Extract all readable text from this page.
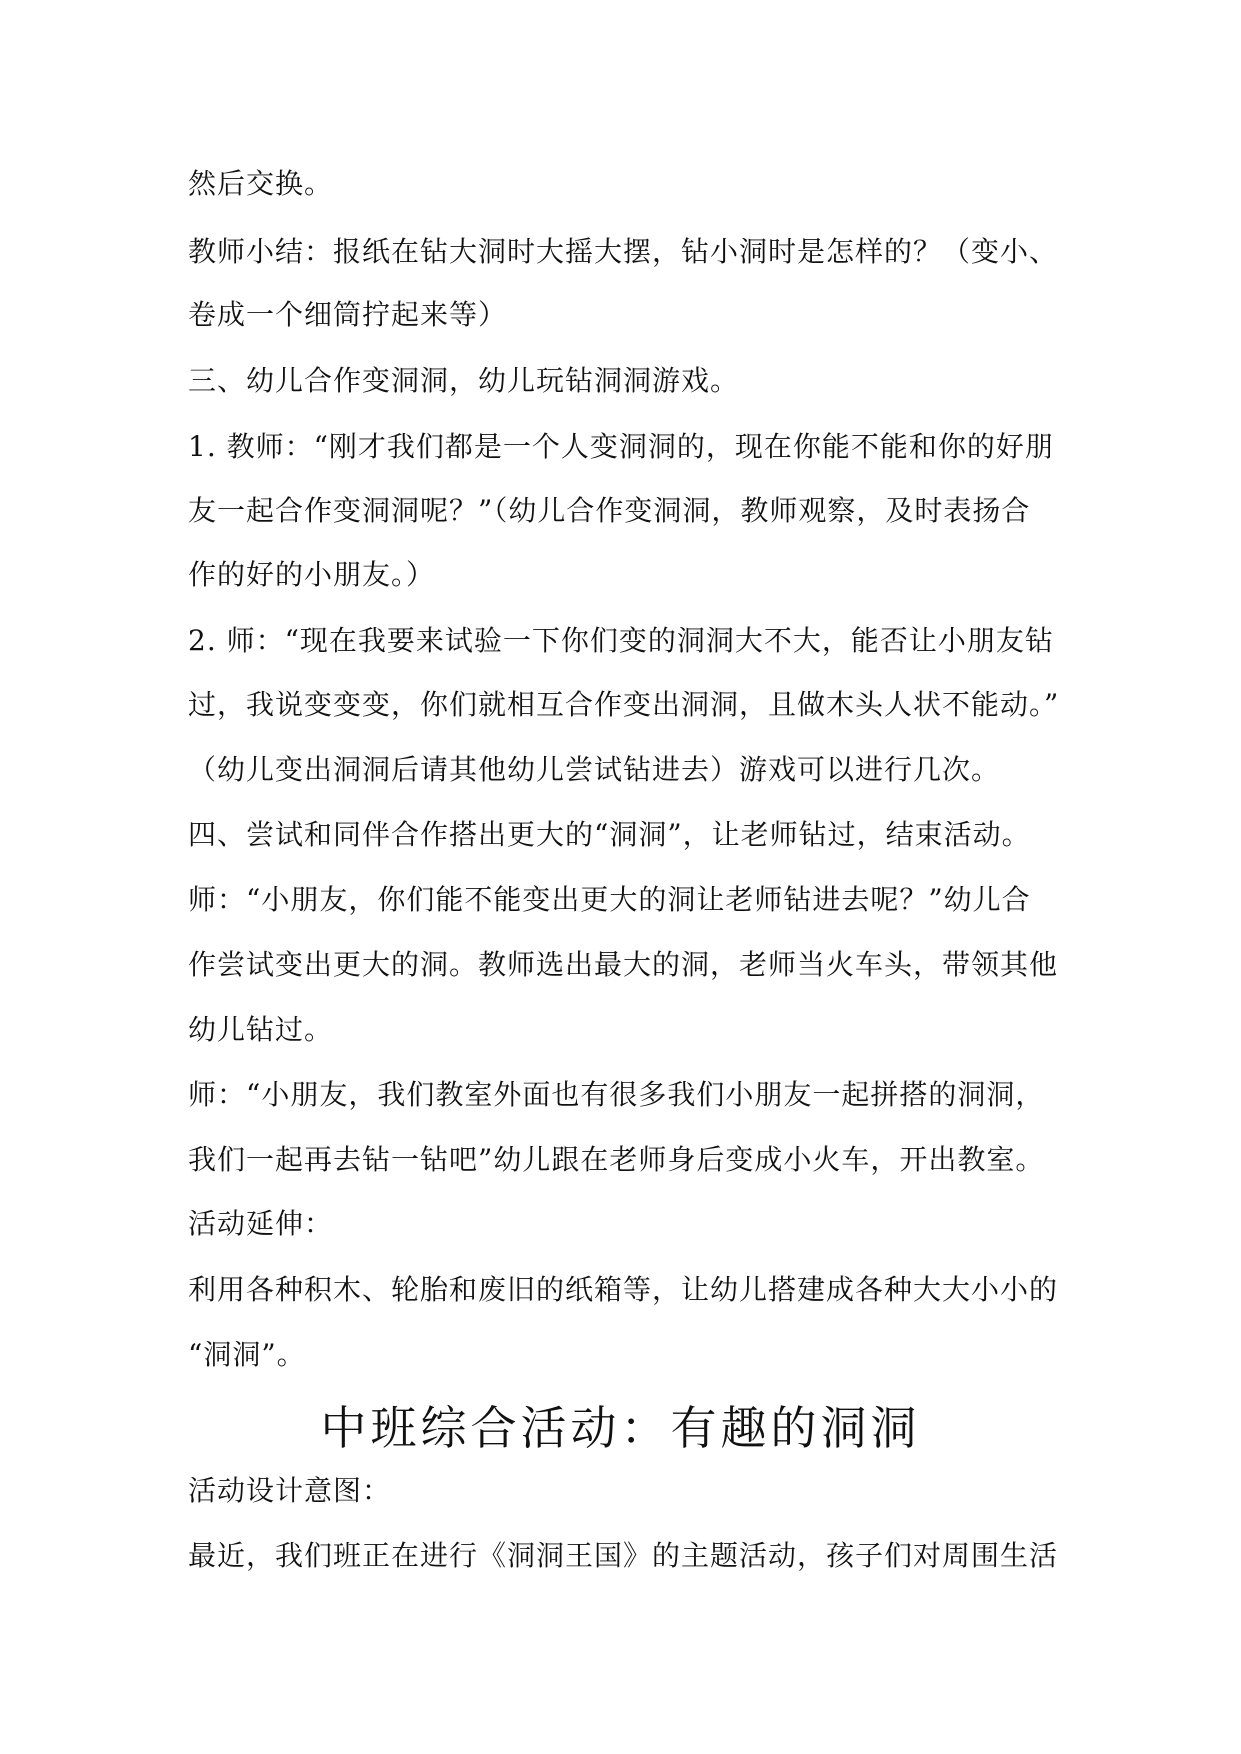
然后交换。
教师小结：报纸在钻大洞时大摇大摆，钻小洞时是怎样的？（变小、
卷成一个细筒拧起来等）
三、幼儿合作变洞洞，幼儿玩钻洞洞游戏。
1. 教师：“刚才我们都是一个人变洞洞的，现在你能不能和你的好朋
友一起合作变洞洞呢？”（幼儿合作变洞洞，教师观察，及时表扬合
作的好的小朋友。）
2. 师：“现在我要来试验一下你们变的洞洞大不大，能否让小朋友钻
过，我说变变变，你们就相互合作变出洞洞，且做木头人状不能动。”
（幼儿变出洞洞后请其他幼儿尝试钻进去）游戏可以进行几次。
四、尝试和同伴合作搭出更大的“洞洞”，让老师钻过，结束活动。
师：“小朋友，你们能不能变出更大的洞让老师钻进去呢？”幼儿合
作尝试变出更大的洞。教师选出最大的洞，老师当火车头，带领其他
幼儿钻过。
师：“小朋友，我们教室外面也有很多我们小朋友一起拼搭的洞洞，
我们一起再去钻一钻吧”幼儿跟在老师身后变成小火车，开出教室。
活动延伸：
利用各种积木、轮胎和废旧的纸箱等，让幼儿搭建成各种大大小小的
“洞洞”。
中班综合活动：有趣的洞洞
活动设计意图：
最近，我们班正在进行《洞洞王国》的主题活动，孩子们对周围生活
